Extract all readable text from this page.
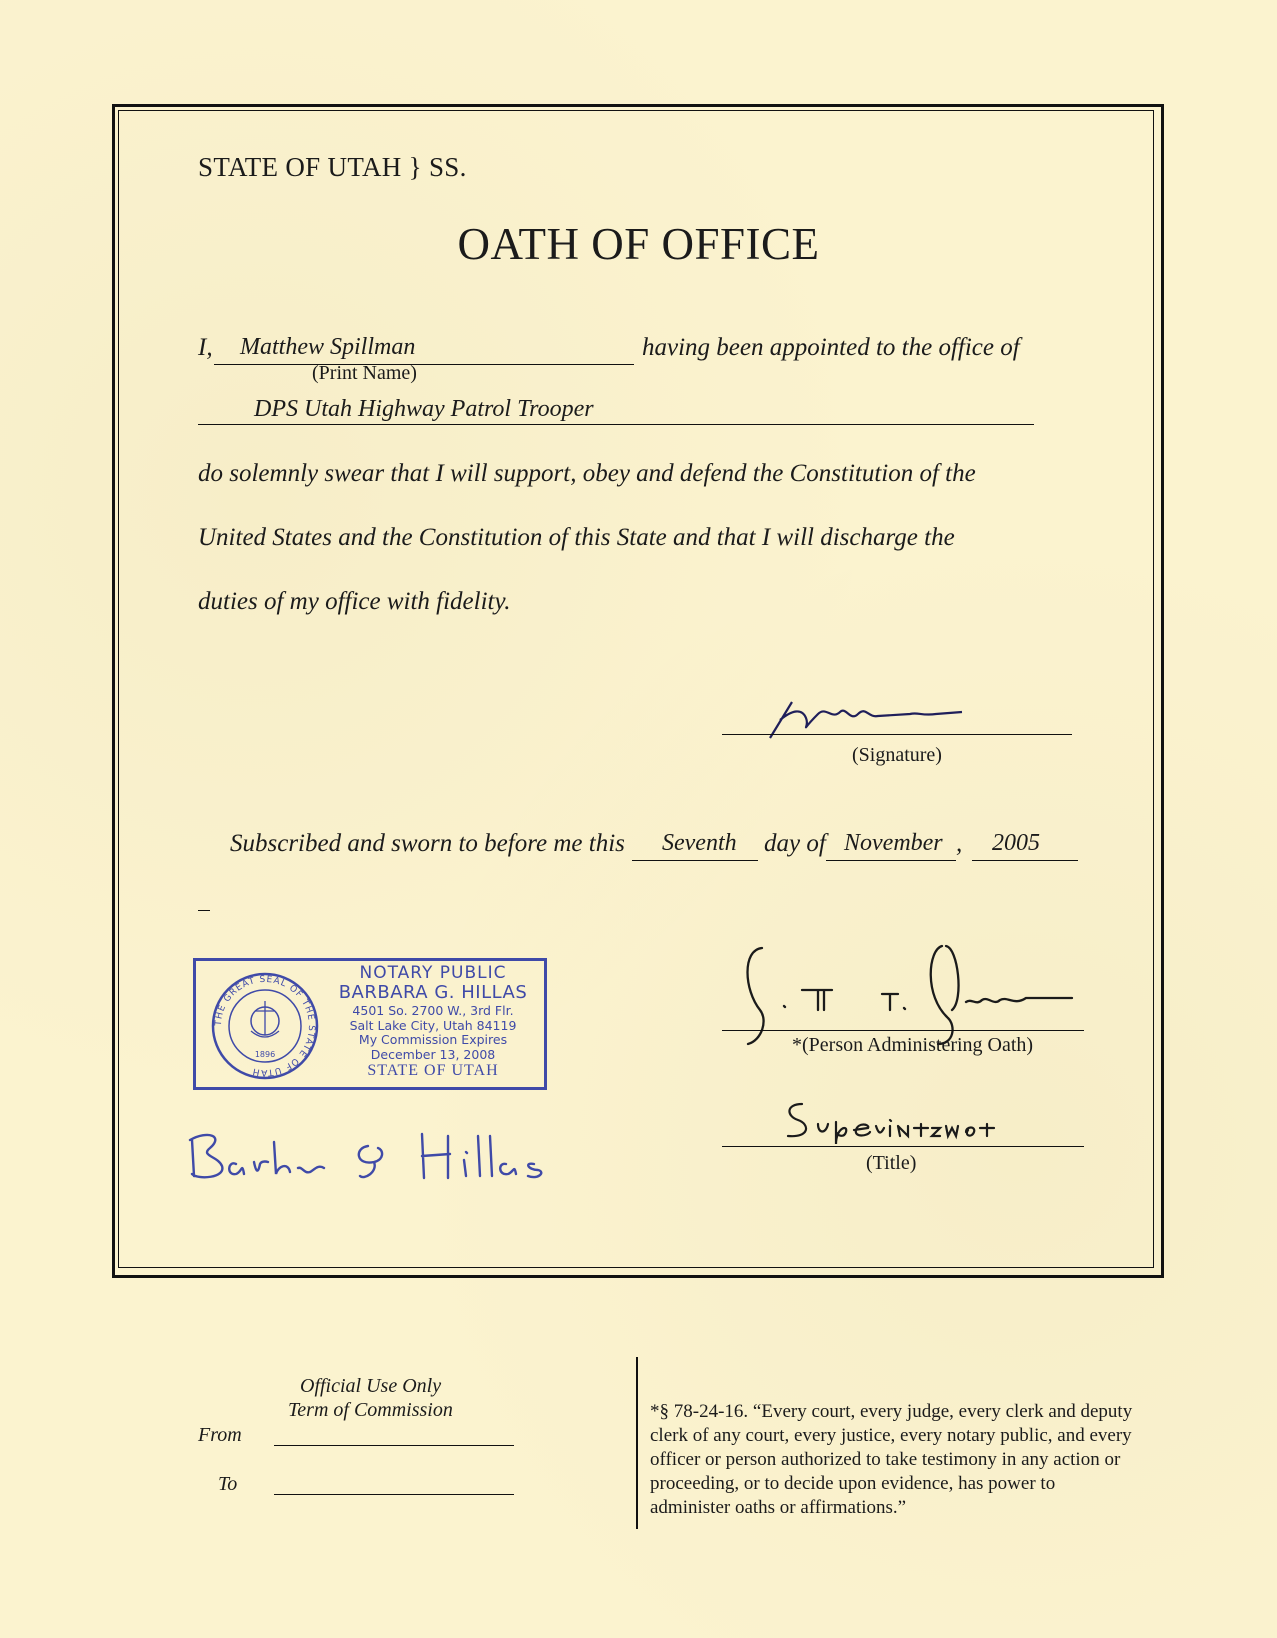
STATE OF UTAH } SS.
OATH OF OFFICE
I, Matthew Spillman	having been appointed to the office of
(Print Name)
DPS Utah Highway Patrol Trooper
do solemnly swear that I will support, obey and defend the Constitution of the
United States and the Constitution of this State and that I will discharge the
duties of my office with fidelity.
(Signature)
Subscribed and sworn to before me this Seventh day of November , 2005
THE GREAT SEAL OF THE STATE OF UTAH
1896
NOTARY PUBLIC
BARBARA G. HILLAS
4501 So. 2700 W., 3rd Flr.
Salt Lake City, Utah 84119
My Commission Expires
December 13, 2008
STATE OF UTAH
*(Person Administering Oath)
(Title)
Official Use Only
Term of Commission
From
To
*§ 78-24-16. “Every court, every judge, every clerk and deputy clerk of any court, every justice, every notary public, and every officer or person authorized to take testimony in any action or proceeding, or to decide upon evidence, has power to administer oaths or affirmations.”
